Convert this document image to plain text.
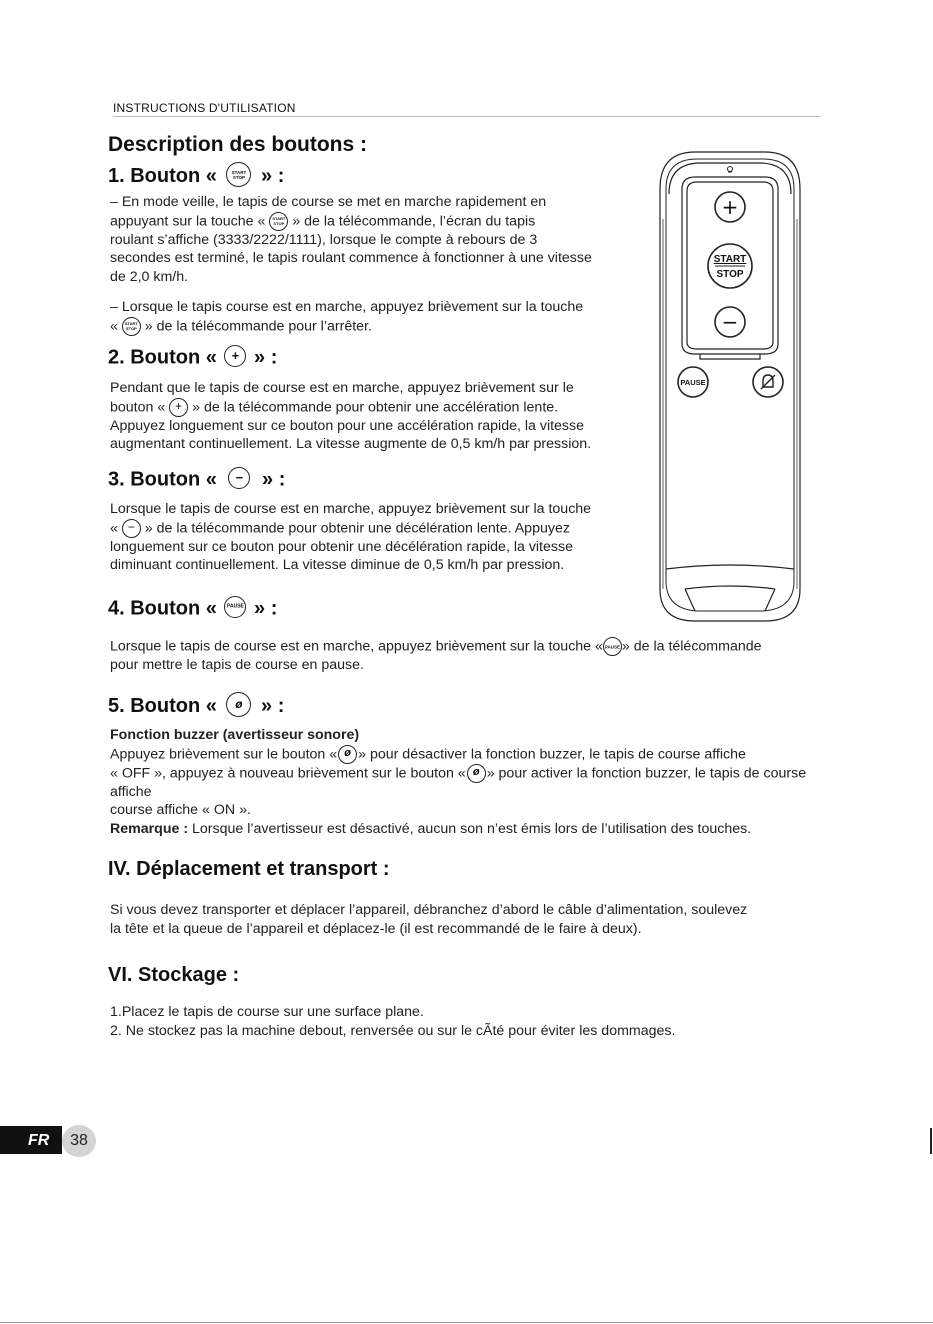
INSTRUCTIONS D'UTILISATION
Description des boutons :
1. Bouton «	START
STOP » :

– En mode veille, le tapis de course se met en marche rapidement en

appuyant sur la touche «	START
STOP » de la télécommande, l’écran du tapis

roulant s’affiche (3333/2222/1111), lorsque le compte à rebours de 3

secondes est terminé, le tapis roulant commence à fonctionner à une vitesse

de 2,0 km/h.

– Lorsque le tapis course est en marche, appuyez brièvement sur la touche

«	START
STOP » de la télécommande pour l’arrêter.

2. Bouton «	+ » :

Pendant que le tapis de course est en marche, appuyez brièvement sur le

bouton « + » de la télécommande pour obtenir une accélération lente.

Appuyez longuement sur ce bouton pour une accélération rapide, la vitesse

augmentant continuellement. La vitesse augmente de 0,5 km/h par pression.

3. Bouton «	− » :

Lorsque le tapis de course est en marche, appuyez brièvement sur la touche

« − » de la télécommande pour obtenir une décélération lente. Appuyez

longuement sur ce bouton pour obtenir une décélération rapide, la vitesse

diminuant continuellement. La vitesse diminue de 0,5 km/h par pression.

4. Bouton «	PAUSE » :

Lorsque le tapis de course est en marche, appuyez brièvement sur la touche « PAUSE » de la télécommande

pour mettre le tapis de course en pause.

5. Bouton «	ø » :

Fonction buzzer (avertisseur sonore)

Appuyez brièvement sur le bouton « ø » pour désactiver la fonction buzzer, le tapis de course affiche

« OFF », appuyez à nouveau brièvement sur le bouton « ø » pour activer la fonction buzzer, le tapis de course affiche

course affiche « ON ».

Remarque : Lorsque l’avertisseur est désactivé, aucun son n’est émis lors de l’utilisation des touches.

IV. Déplacement et transport :

Si vous devez transporter et déplacer l’appareil, débranchez d’abord le câble d’alimentation, soulevez

la tête et la queue de l’appareil et déplacez-le (il est recommandé de le faire à deux).

VI. Stockage :

1.Placez le tapis de course sur une surface plane.

2. Ne stockez pas la machine debout, renversée ou sur le cÃté pour éviter les dommages.

+
START
STOP
−
PAUSE
FR	38
